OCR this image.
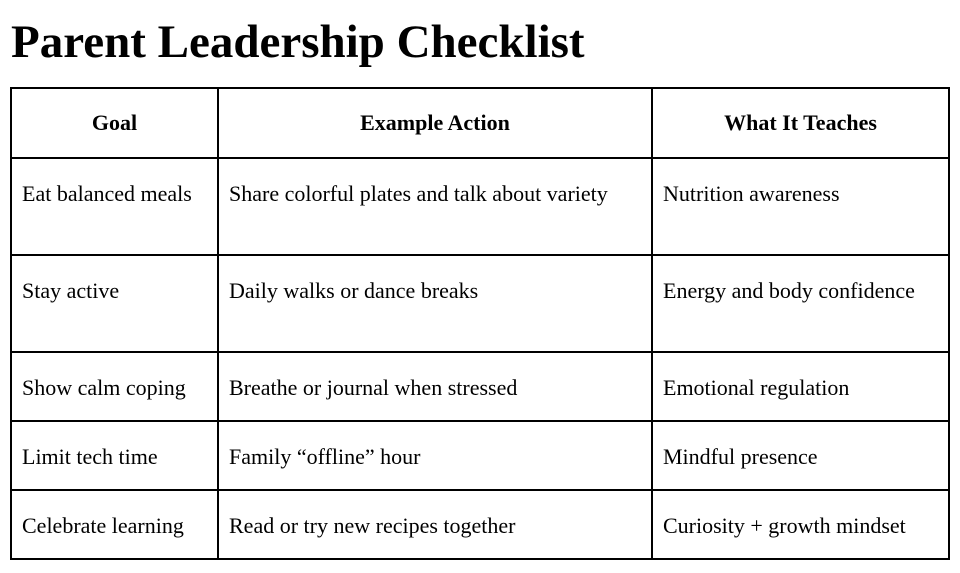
Parent Leadership Checklist
Goal	Example Action	What It Teaches
Eat balanced meals	Share colorful plates and talk about variety	Nutrition awareness
Stay active	Daily walks or dance breaks	Energy and body confidence
Show calm coping	Breathe or journal when stressed	Emotional regulation
Limit tech time	Family “offline” hour	Mindful presence
Celebrate learning	Read or try new recipes together	Curiosity + growth mindset
